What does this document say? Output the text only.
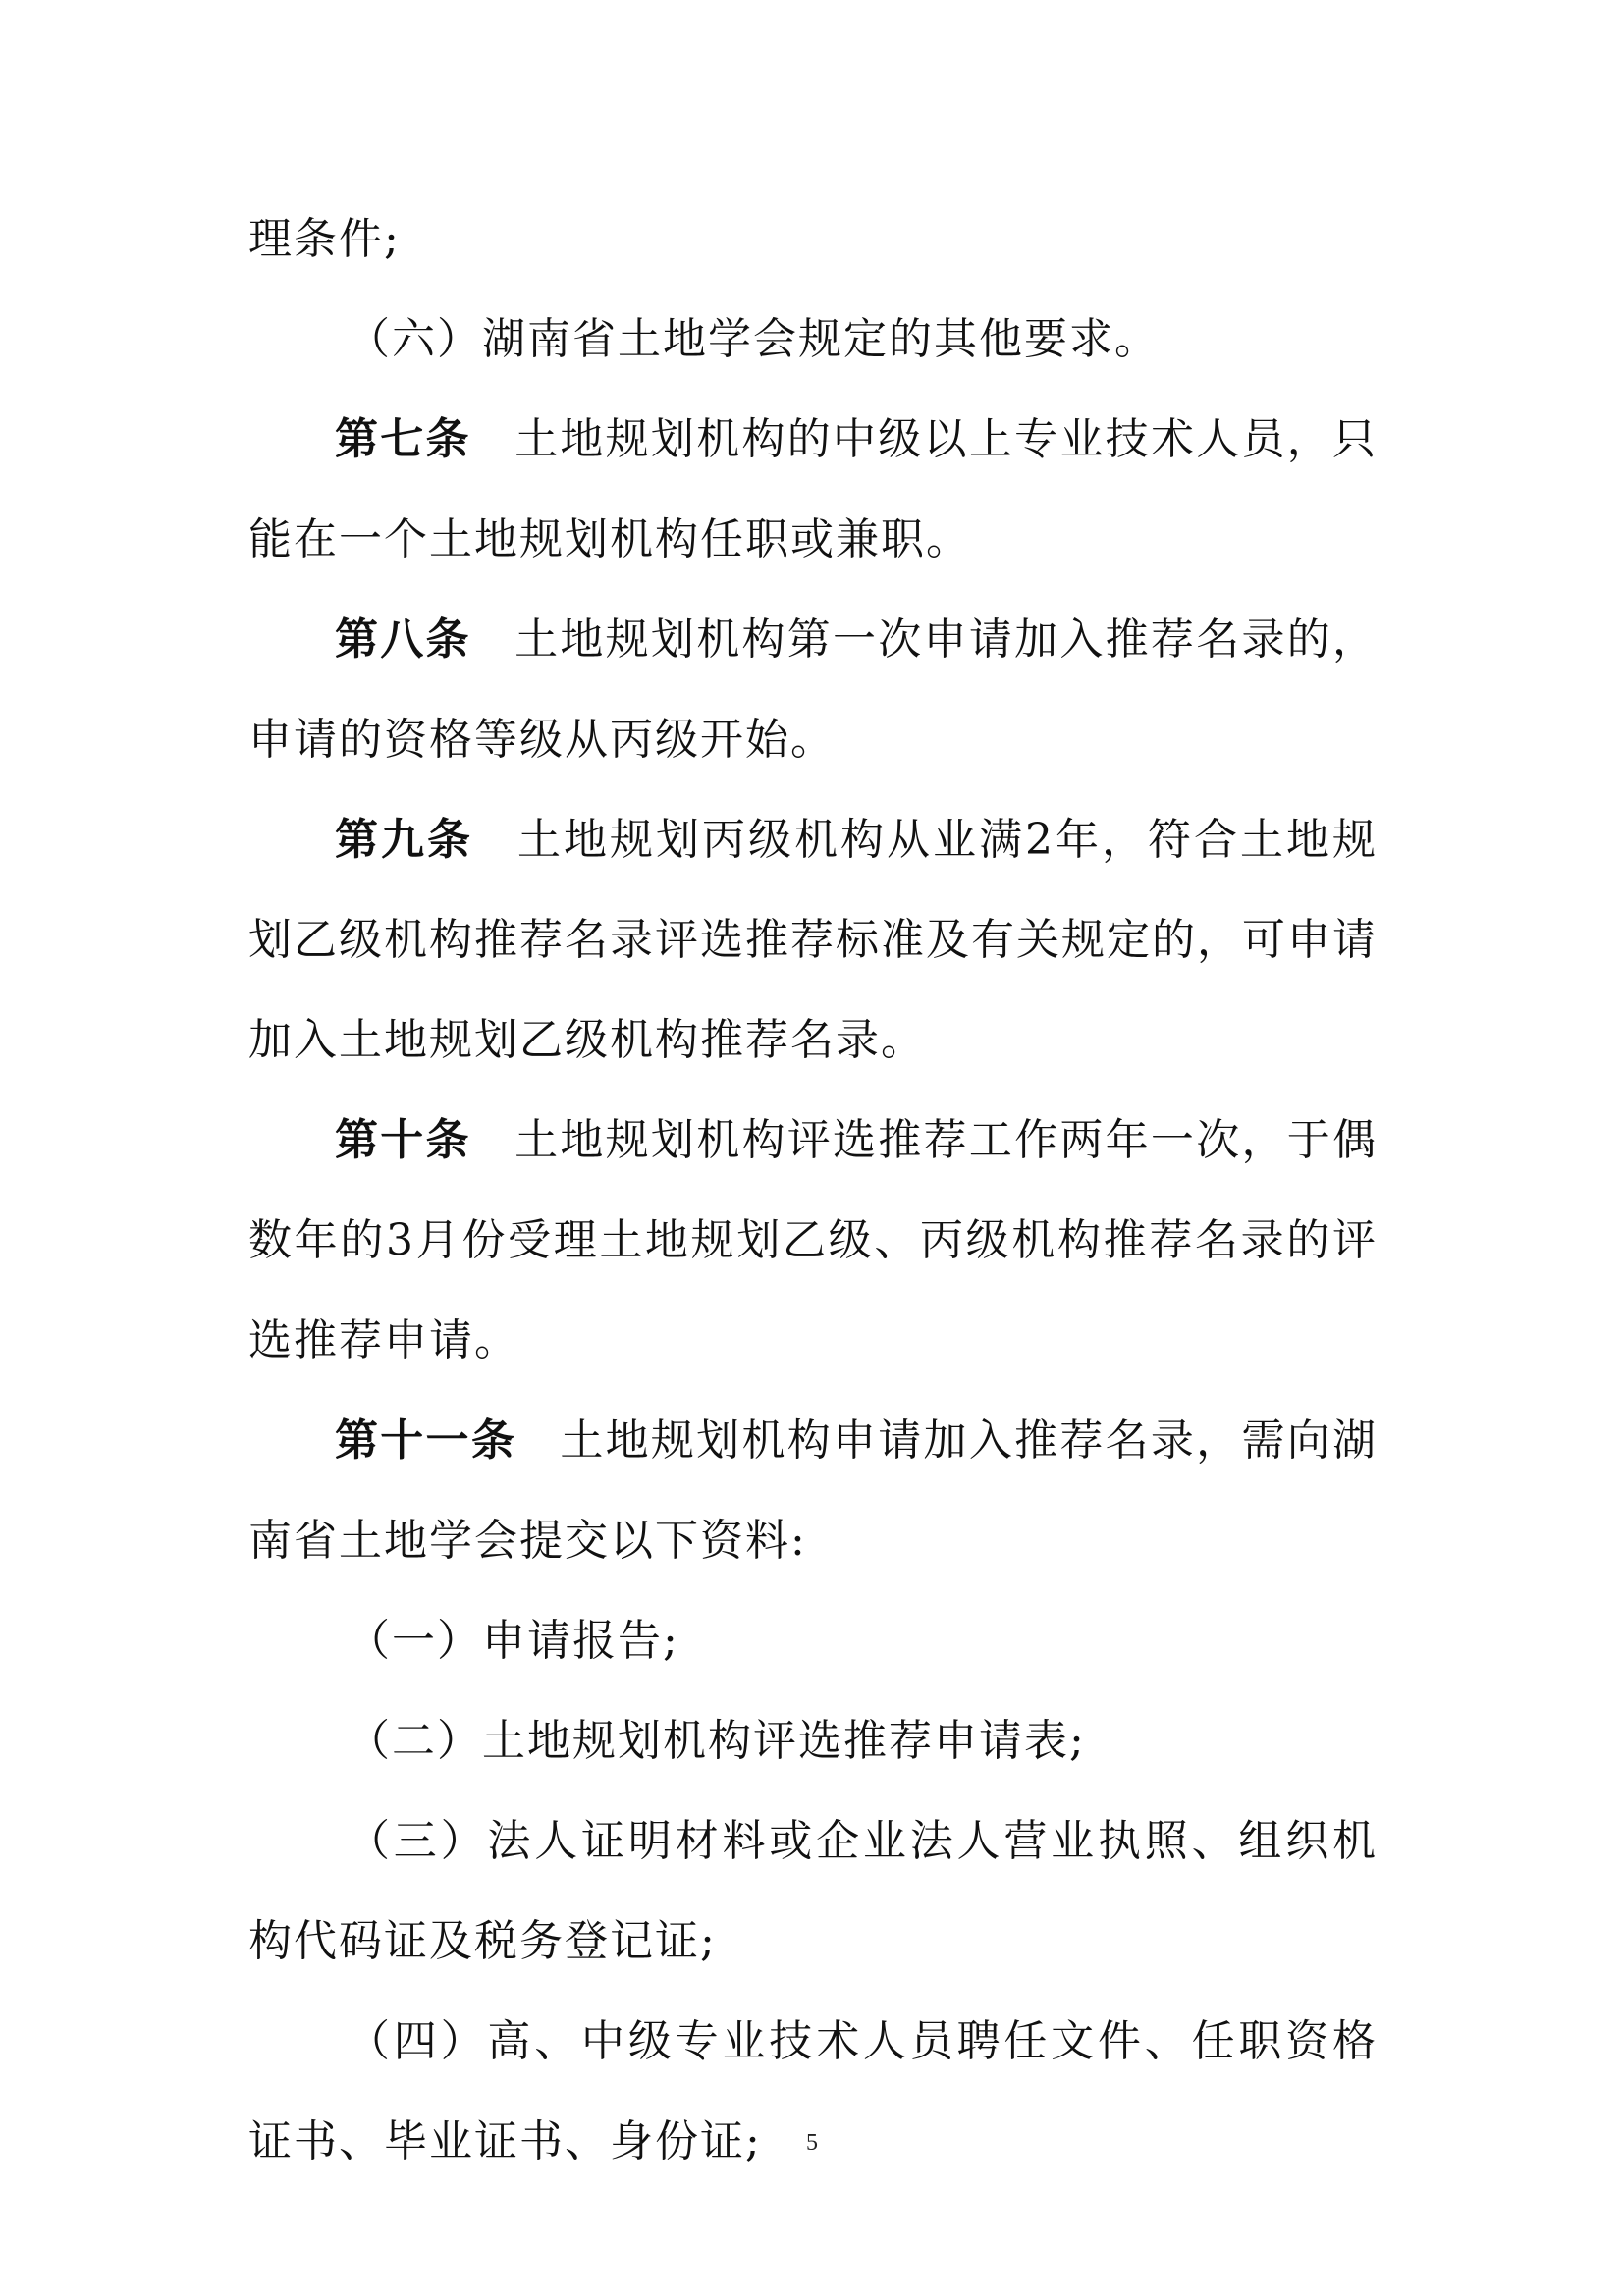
理条件;

（六）湖南省土地学会规定的其他要求。

第七条 土地规划机构的中级以上专业技术人员，只能在一个土地规划机构任职或兼职。

第八条 土地规划机构第一次申请加入推荐名录的，申请的资格等级从丙级开始。

第九条 土地规划丙级机构从业满2年，符合土地规划乙级机构推荐名录评选推荐标准及有关规定的，可申请加入土地规划乙级机构推荐名录。

第十条 土地规划机构评选推荐工作两年一次，于偶数年的3月份受理土地规划乙级、丙级机构推荐名录的评选推荐申请。

第十一条 土地规划机构申请加入推荐名录，需向湖南省土地学会提交以下资料:

（一）申请报告;

（二）土地规划机构评选推荐申请表;

（三）法人证明材料或企业法人营业执照、组织机构代码证及税务登记证;

（四）高、中级专业技术人员聘任文件、任职资格证书、毕业证书、身份证;	5
